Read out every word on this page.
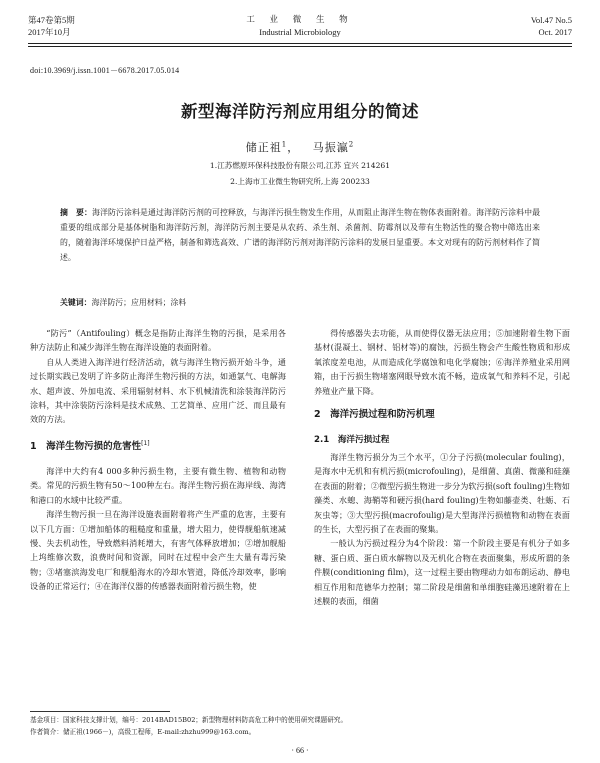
第47卷第5期
2017年10月
工 业 微 生 物
Industrial Microbiology
Vol.47 No.5
Oct. 2017
doi:10.3969/j.issn.1001－6678.2017.05.014
新型海洋防污剂应用组分的简述
储正祖$^1$，   马振瀛$^2$
1.江苏燃原环保科技股份有限公司,江苏 宜兴 214261
2.上海市工业微生物研究所,上海 200233
摘　要：海洋防污涂料是通过海洋防污剂的可控释放，与海洋污损生物发生作用，从而阻止海洋生物在物体表面附着。海洋防污涂料中最重要的组成部分是基体树脂和海洋防污剂，海洋防污剂主要是从农药、杀生剂、杀菌剂、防霉剂以及带有生物活性的聚合物中筛选出来的，随着海洋环境保护日益严格，制备和筛选高效、广谱的海洋防污剂对海洋防污涂料的发展日显重要。本文对现有的防污剂材料作了简述。
关键词：海洋防污；应用材料；涂料

“防污”（Antifouling）概念是指防止海洋生物的污损，是采用各种方法防止和减少海洋生物在海洋设施的表面附着。

自从人类进入海洋进行经济活动，就与海洋生物污损开始斗争，通过长期实践已发明了许多防止海洋生物污损的方法，如通氯气、电解海水、超声波、外加电流、采用辐射材料、水下机械清洗和涂装海洋防污涂料，其中涂装防污涂料是技术成熟、工艺简单、应用广泛、而且最有效的方法。

1　海洋生物污损的危害性[1]

海洋中大约有4 000多种污损生物，主要有微生物、植物和动物类。常见的污损生物有50～100种左右。海洋生物污损在海岸线、海湾和港口的水域中比较严重。

海洋生物污损一旦在海洋设施表面附着将产生严重的危害，主要有以下几方面：①增加船体的粗糙度和重量，增大阻力，使得舰船航速减慢、失去机动性，导致燃料消耗增大，有害气体释放增加；②增加舰船上坞维修次数，浪费时间和资源，同时在过程中会产生大量有毒污染物；③堵塞滨海发电厂和舰船海水的冷却水管道，降低冷却效率，影响设备的正常运行；④在海洋仪器的传感器表面附着污损生物，使

得传感器失去功能，从而使得仪器无法应用；⑤加速附着生物下面基材(混凝土、钢材、铝材等)的腐蚀，污损生物会产生酸性物质和形成氧浓度差电池，从而造成化学腐蚀和电化学腐蚀；⑥海洋养殖业采用网箱，由于污损生物堵塞网眼导致水流不畅，造成氧气和养料不足，引起养殖业产量下降。

2　海洋污损过程和防污机理
2.1　海洋污损过程

海洋生物污损分为三个水平，①分子污损(molecular fouling)，是海水中无机和有机污损(microfouling)，是细菌、真菌、微藻和硅藻在表面的附着；②微型污损生物进一步分为软污损(soft fouling)生物如藻类、水螅、海鞘等和硬污损(hard fouling)生物如藤壶类、牡蛎、石灰虫等；③大型污损(macrofoulig)是大型海洋污损植物和动物在表面的生长，大型污损了在表面的聚集。

一般认为污损过程分为4个阶段：第一个阶段主要是有机分子如多糖、蛋白质、蛋白质水解物以及无机化合物在表面聚集，形成所谓的条件膜(conditioning film)，这一过程主要由物理动力如布朗运动、静电相互作用和范德华力控制；第二阶段是细菌和单细胞硅藻迅速附着在上述膜的表面，细菌

基金项目：国家科技支撑计划，编号：2014BAD15B02；新型物理材料防高危工种中的使用研究课题研究。
作者简介：储正祖(1966－)，高级工程师，E-mail:zhzhu999@163.com。
· 66 ·
